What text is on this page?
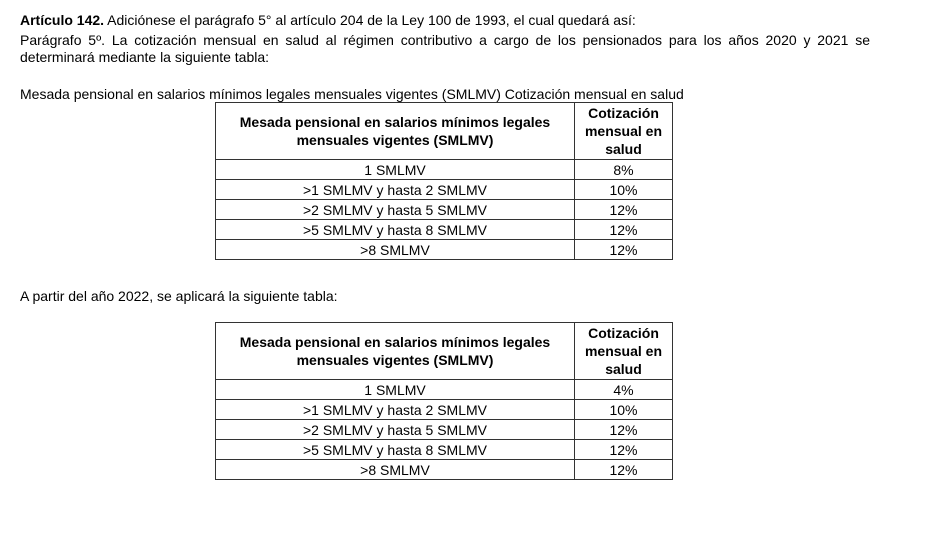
Artículo 142. Adiciónese el parágrafo 5° al artículo 204 de la Ley 100 de 1993, el cual quedará así:
Parágrafo 5º. La cotización mensual en salud al régimen contributivo a cargo de los pensionados para los años 2020 y 2021 se
determinará mediante la siguiente tabla:
Mesada pensional en salarios mínimos legales mensuales vigentes (SMLMV) Cotización mensual en salud
Mesada pensional en salarios mínimos legales mensuales vigentes (SMLMV)	Cotización mensual en salud
1 SMLMV	8%
>1 SMLMV y hasta 2 SMLMV	10%
>2 SMLMV y hasta 5 SMLMV	12%
>5 SMLMV y hasta 8 SMLMV	12%
>8 SMLMV	12%
A partir del año 2022, se aplicará la siguiente tabla:
Mesada pensional en salarios mínimos legales mensuales vigentes (SMLMV)	Cotización mensual en salud
1 SMLMV	4%
>1 SMLMV y hasta 2 SMLMV	10%
>2 SMLMV y hasta 5 SMLMV	12%
>5 SMLMV y hasta 8 SMLMV	12%
>8 SMLMV	12%
